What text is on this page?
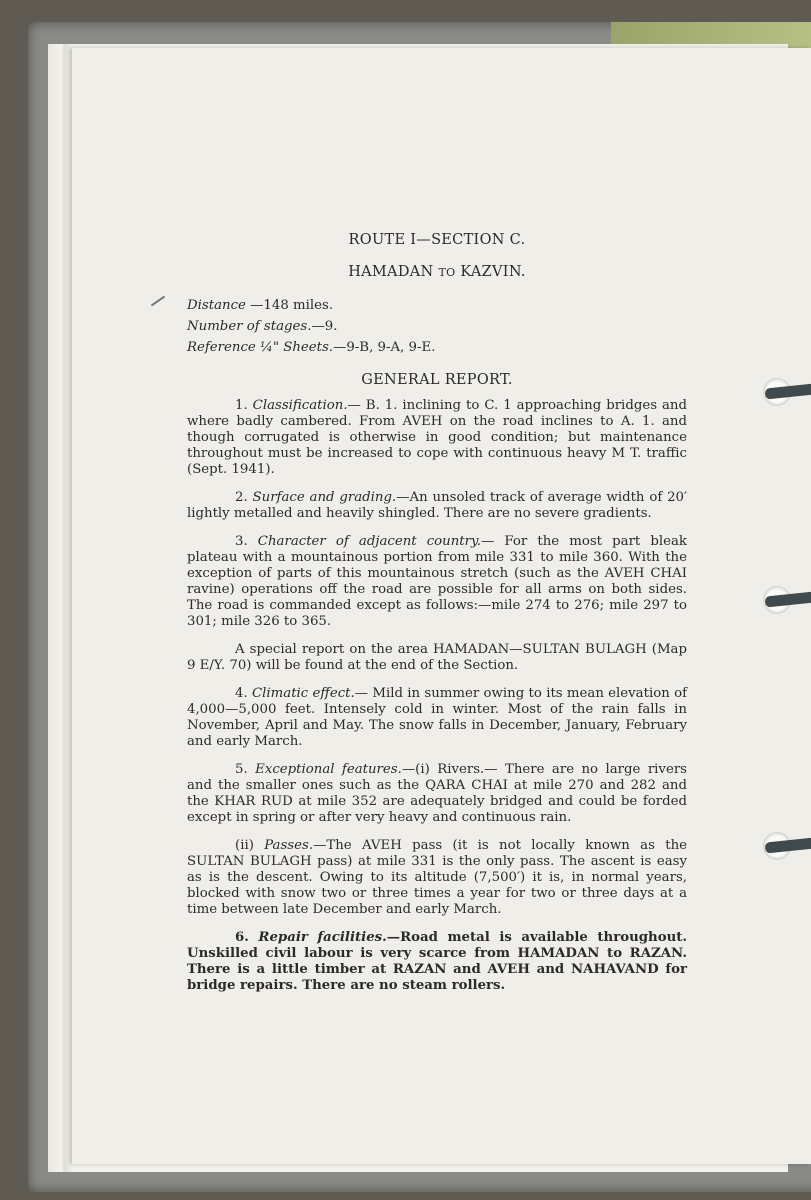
ROUTE I—SECTION C.
HAMADAN TO KAZVIN.

Distance —148 miles.

Number of stages.—9.

Reference ¼" Sheets.—9-B, 9-A, 9-E.

GENERAL REPORT.

1. Classification.— B. 1. inclining to C. 1 approaching bridges and where badly cambered. From AVEH on the road inclines to A. 1. and though corrugated is otherwise in good condition; but maintenance throughout must be increased to cope with continuous heavy M T. traffic (Sept. 1941).

2. Surface and grading.—An unsoled track of average width of 20′ lightly metalled and heavily shingled. There are no severe gradients.

3. Character of adjacent country.— For the most part bleak plateau with a mountainous portion from mile 331 to mile 360. With the exception of parts of this mountainous stretch (such as the AVEH CHAI ravine) operations off the road are possible for all arms on both sides. The road is commanded except as follows:—mile 274 to 276; mile 297 to 301; mile 326 to 365.

A special report on the area HAMADAN—SULTAN BULAGH (Map 9 E/Y. 70) will be found at the end of the Section.

4. Climatic effect.— Mild in summer owing to its mean elevation of 4,000—5,000 feet. Intensely cold in winter. Most of the rain falls in November, April and May. The snow falls in December, January, February and early March.

5. Exceptional features.—(i) Rivers.— There are no large rivers and the smaller ones such as the QARA CHAI at mile 270 and 282 and the KHAR RUD at mile 352 are adequately bridged and could be forded except in spring or after very heavy and continuous rain.

(ii) Passes.—The AVEH pass (it is not locally known as the SULTAN BULAGH pass) at mile 331 is the only pass. The ascent is easy as is the descent. Owing to its altitude (7,500′) it is, in normal years, blocked with snow two or three times a year for two or three days at a time between late December and early March.

6. Repair facilities.—Road metal is available throughout. Unskilled civil labour is very scarce from HAMADAN to RAZAN. There is a little timber at RAZAN and AVEH and NAHAVAND for bridge repairs. There are no steam rollers.
